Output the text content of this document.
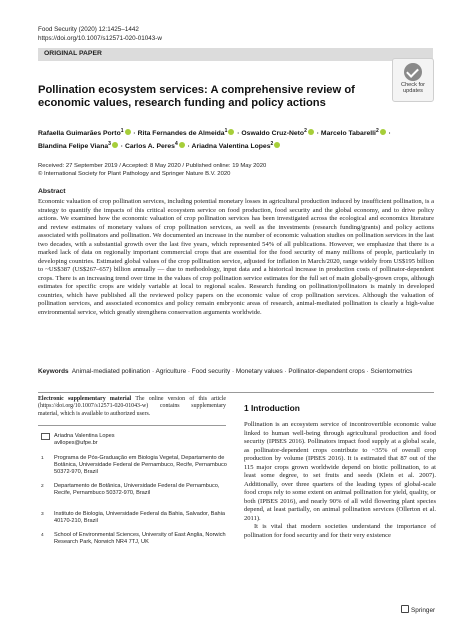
Food Security (2020) 12:1425–1442
https://doi.org/10.1007/s12571-020-01043-w
ORIGINAL PAPER
Check for
updates
Pollination ecosystem services: A comprehensive review of economic values, research funding and policy actions
Rafaella Guimarães Porto$^1$ · Rita Fernandes de Almeida$^1$ · Oswaldo Cruz-Neto$^2$ · Marcelo Tabarelli$^2$ ·
Blandina Felipe Viana$^3$ · Carlos A. Peres$^4$ · Ariadna Valentina Lopes$^2$
Received: 27 September 2019 / Accepted: 8 May 2020 / Published online: 19 May 2020
© International Society for Plant Pathology and Springer Nature B.V. 2020
Abstract
Economic valuation of crop pollination services, including potential monetary losses in agricultural production induced by insufficient pollination, is a strategy to quantify the impacts of this critical ecosystem service on food production, food security and the global economy, and to drive policy actions. We examined how the economic valuation of crop pollination services has been investigated across the ecological and economics literature and review estimates of monetary values of crop pollination services, as well as the investments (research funding/grants) and policy actions associated with pollinators and pollination. We documented an increase in the number of economic valuation studies on pollination services in the last two decades, with a substantial growth over the last five years, which represented 54% of all publications. However, we emphasize that there is a marked lack of data on regionally important commercial crops that are essential for the food security of many millions of people, particularly in developing countries. Estimated global values of the crop pollination service, adjusted for inflation in March/2020, range widely from US$195 billion to ~US$387 (US$267–657) billion annually — due to methodology, input data and a historical increase in production costs of pollinator-dependent crops. There is an increasing trend over time in the values of crop pollination service estimates for the full set of main globally-grown crops, although estimates for specific crops are widely variable at local to regional scales. Research funding on pollination/pollinators is mainly in developed countries, which have published all the reviewed policy papers on the economic value of crop pollination services. Although the valuation of pollination services, and associated economics and policy remain embryonic areas of research, animal-mediated pollination is clearly a high-value environmental service, which greatly strengthens conservation arguments worldwide.
Keywords Animal-mediated pollination · Agriculture · Food security · Monetary values · Pollinator-dependent crops · Scientometrics
Electronic supplementary material The online version of this article (https://doi.org/10.1007/s12571-020-01043-w) contains supplementary material, which is available to authorized users.
Ariadna Valentina Lopes
avllopes@ufpe.br
1 Programa de Pós-Graduação em Biologia Vegetal, Departamento de Botânica, Universidade Federal de Pernambuco, Recife, Pernambuco 50372-970, Brazil
2 Departamento de Botânica, Universidade Federal de Pernambuco, Recife, Pernambuco 50372-970, Brazil
3 Instituto de Biologia, Universidade Federal da Bahia, Salvador, Bahia 40170-210, Brazil
4 School of Environmental Sciences, University of East Anglia, Norwich Research Park, Norwich NR4 7TJ, UK
1 Introduction

Pollination is an ecosystem service of incontrovertible economic value linked to human well-being through agricultural production and food security (IPBES 2016). Pollinators impact food supply at a global scale, as pollinator-dependent crops contribute to ~35% of overall crop production by volume (IPBES 2016). It is estimated that 87 out of the 115 major crops grown worldwide depend on biotic pollination, to at least some degree, to set fruits and seeds (Klein et al. 2007). Additionally, over three quarters of the leading types of global-scale food crops rely to some extent on animal pollination for yield, quality, or both (IPBES 2016), and nearly 90% of all wild flowering plant species depend, at least partially, on animal pollination services (Ollerton et al. 2011).

It is vital that modern societies understand the importance of pollination for food security and for their very existence

Springer
